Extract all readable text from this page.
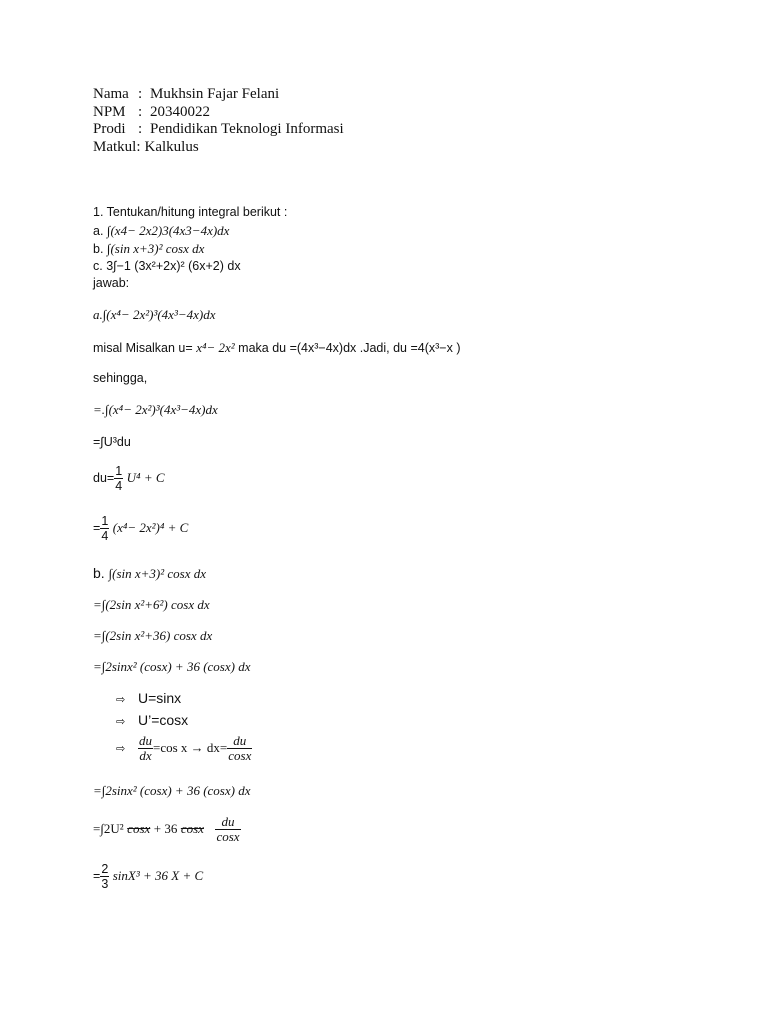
Nama : Mukhsin Fajar Felani
NPM : 20340022
Prodi : Pendidikan Teknologi Informasi
Matkul: Kalkulus
1. Tentukan/hitung integral berikut :
a. ∫(x4− 2x2)3(4x3−4x)dx
b. ∫(sin x+3)² cosx dx
c. 3∫−1 (3x²+2x)² (6x+2) dx
jawab:
a.∫(x⁴− 2x²)³(4x³−4x)dx
misal Misalkan u= x⁴− 2x² maka du =(4x³−4x)dx .Jadi, du =4(x³−x )
sehingga,
=.∫(x⁴− 2x²)³(4x³−4x)dx
=∫U³du
$du= \frac{1}{4} U^4 + C$
= $\frac{1}{4} (x^4- 2x^2)^4 + C$
b. ∫(sin x+3)² cosx dx
=∫(2sin x²+6²) cosx dx
=∫(2sin x²+36) cosx dx
=∫2sinx² (cosx) + 36 (cosx) dx
⇨ U=sinx
⇨ U’=cosx
⇨ $\frac{du}{dx} =\cos$ $x \to dx= \frac{du}{\cos x}$
=∫2sinx² (cosx) + 36 (cosx) dx
=∫2U² cosx + 36 cosx $\frac{du}{\cos x}$
= $\frac{2}{3} \sin X^3 + 36$ X + C
